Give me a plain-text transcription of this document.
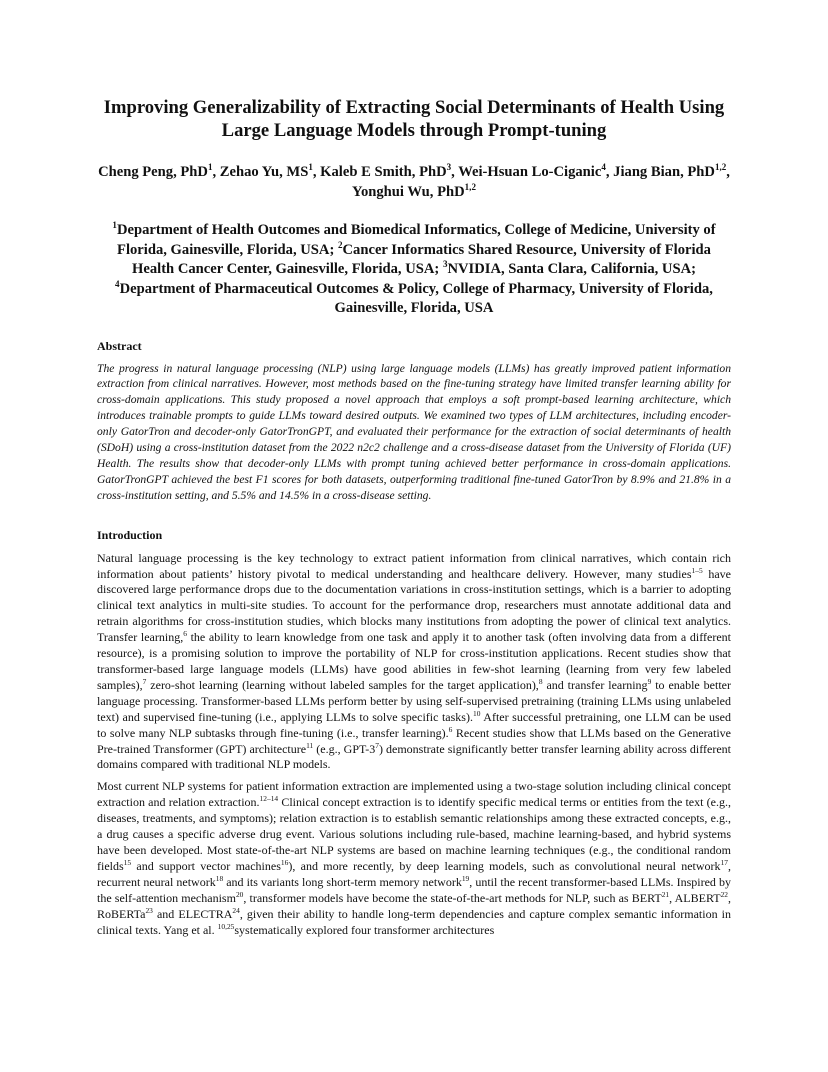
Improving Generalizability of Extracting Social Determinants of Health Using Large Language Models through Prompt-tuning

Cheng Peng, PhD$^1$, Zehao Yu, $MS^1$, Kaleb E Smith, PhD$^3$, Wei-Hsuan Lo-Ciganic$^4$, Jiang Bian, PhD$^{1,2}$, Yonghui Wu, PhD$^{1,2}$

$^1$Department of Health Outcomes and Biomedical Informatics, College of Medicine, University of Florida, Gainesville, Florida, USA; $^2$Cancer Informatics Shared Resource, University of Florida Health Cancer Center, Gainesville, Florida, USA; $^3$NVIDIA, Santa Clara, California, USA; $^4$Department of Pharmaceutical Outcomes & Policy, College of Pharmacy, University of Florida, Gainesville, Florida, USA

Abstract

The progress in natural language processing (NLP) using large language models (LLMs) has greatly improved patient information extraction from clinical narratives. However, most methods based on the fine-tuning strategy have limited transfer learning ability for cross-domain applications. This study proposed a novel approach that employs a soft prompt-based learning architecture, which introduces trainable prompts to guide LLMs toward desired outputs. We examined two types of LLM architectures, including encoder-only GatorTron and decoder-only GatorTronGPT, and evaluated their performance for the extraction of social determinants of health (SDoH) using a cross-institution dataset from the 2022 n2c2 challenge and a cross-disease dataset from the University of Florida (UF) Health. The results show that decoder-only LLMs with prompt tuning achieved better performance in cross-domain applications. GatorTronGPT achieved the best F1 scores for both datasets, outperforming traditional fine-tuned GatorTron by 8.9% and 21.8% in a cross-institution setting, and 5.5% and 14.5% in a cross-disease setting.

Introduction

Natural language processing is the key technology to extract patient information from clinical narratives, which contain rich information about patients’ history pivotal to medical understanding and healthcare delivery. However, many studies$^{1-5}$ have discovered large performance drops due to the documentation variations in cross-institution settings, which is a barrier to adopting clinical text analytics in multi-site studies. To account for the performance drop, researchers must annotate additional data and retrain algorithms for cross-institution studies, which blocks many institutions from adopting the power of clinical text analytics. Transfer learning,$^6$ the ability to learn knowledge from one task and apply it to another task (often involving data from a different resource), is a promising solution to improve the portability of NLP for cross-institution applications. Recent studies show that transformer-based large language models (LLMs) have good abilities in few-shot learning (learning from very few labeled samples),$^7$ zero-shot learning (learning without labeled samples for the target application),$^8$ and transfer learning$^9$ to enable better language processing. Transformer-based LLMs perform better by using self-supervised pretraining (training LLMs using unlabeled text) and supervised fine-tuning (i.e., applying LLMs to solve specific tasks).$^{10}$ After successful pretraining, one LLM can be used to solve many NLP subtasks through fine-tuning (i.e., transfer learning).$^6$ Recent studies show that LLMs based on the Generative Pre-trained Transformer (GPT) architecture$^{11}$ (e.g., GPT-3$^7$) demonstrate significantly better transfer learning ability across different domains compared with traditional NLP models.

Most current NLP systems for patient information extraction are implemented using a two-stage solution including clinical concept extraction and relation extraction.$^{12-14}$ Clinical concept extraction is to identify specific medical terms or entities from the text (e.g., diseases, treatments, and symptoms); relation extraction is to establish semantic relationships among these extracted concepts, e.g., a drug causes a specific adverse drug event. Various solutions including rule-based, machine learning-based, and hybrid systems have been developed. Most state-of-the-art NLP systems are based on machine learning techniques (e.g., the conditional random fields$^{15}$ and support vector machines$^{16}$), and more recently, by deep learning models, such as convolutional neural network$^{17}$, recurrent neural network$^{18}$ and its variants long short-term memory network$^{19}$, until the recent transformer-based LLMs. Inspired by the self-attention mechanism$^{20}$, transformer models have become the state-of-the-art methods for NLP, such as BERT$^{21}$, ALBERT$^{22}$, RoBERTa$^{23}$ and ELECTRA$^{24}$, given their ability to handle long-term dependencies and capture complex semantic information in clinical texts. Yang et al. $^{10,25}$systematically explored four transformer architectures
